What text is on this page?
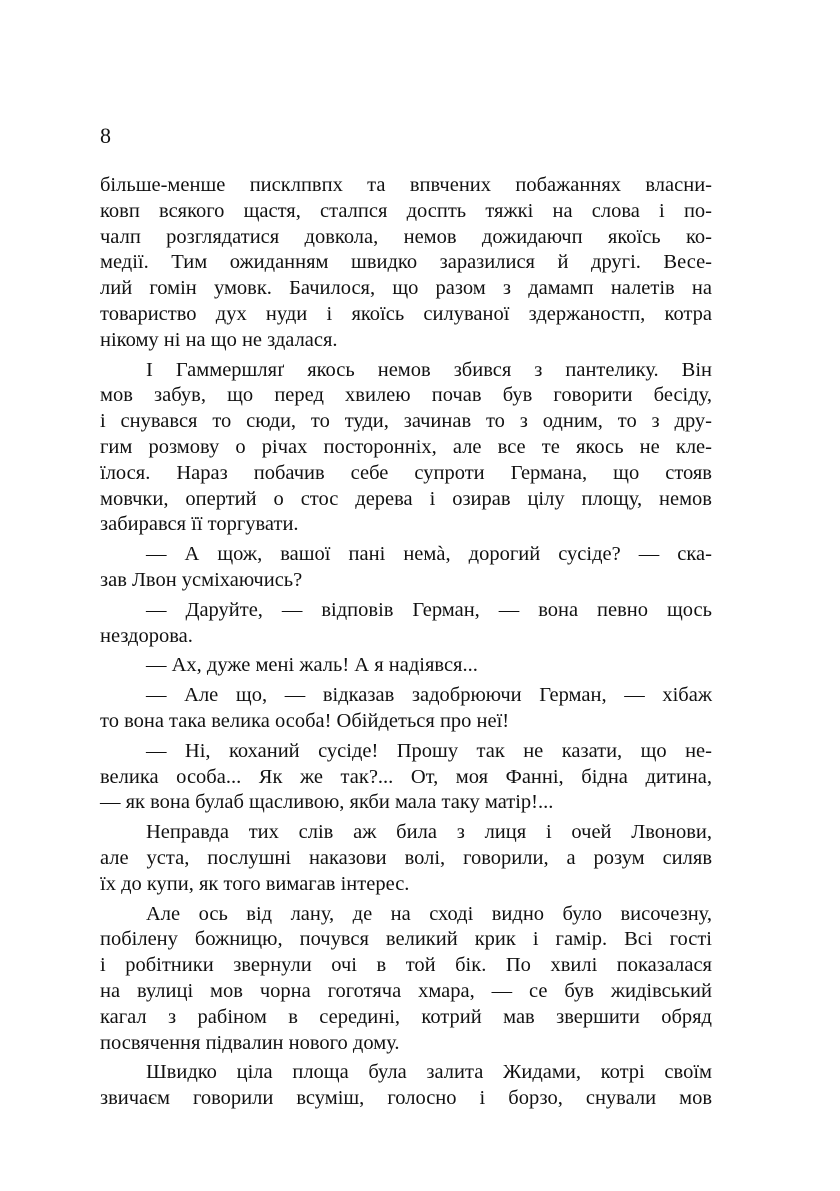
8
більше-менше писклпвпх та впвчених побажаннях власни-
ковп всякого щастя, сталпся доспть тяжкі на слова і по-
чалп розглядатися довкола, немов дожидаючп якоїсь ко-
медії. Тим ожиданням швидко заразилися й другі. Весе-
лий гомін умовк. Бачилося, що разом з дамамп налетів на
товариство дух нуди і якоїсь силуваної здержаностп, котра
нікому ні на що не здалася.
І Гаммершляґ якось немов збився з пантелику. Він
мов забув, що перед хвилею почав був говорити бесіду,
і снувався то сюди, то туди, зачинав то з одним, то з дру-
гим розмову о річах посторонніх, але все те якось не кле-
їлося. Нараз побачив себе супроти Германа, що стояв
мовчки, опертий о стос дерева і озирав цілу площу, немов
забирався її торгувати.
— А щож, вашої пані немà, дорогий сусіде? — ска-
зав Лвон усміхаючись?
— Даруйте, — відповів Герман, — вона певно щось
нездорова.
— Ах, дуже мені жаль! А я надіявся...
— Але що, — відказав задобрюючи Герман, — хібаж
то вона така велика особа! Обійдеться про неї!
— Ні, коханий сусіде! Прошу так не казати, що не-
велика особа... Як же так?... От, моя Фанні, бідна дитина,
— як вона булаб щасливою, якби мала таку матір!...
Неправда тих слів аж била з лиця і очей Лвонови,
але уста, послушні наказови волі, говорили, а розум силяв
їх до купи, як того вимагав інтерес.
Але ось від лану, де на сході видно було височезну,
побілену божницю, почувся великий крик і гамір. Всі гості
і робітники звернули очі в той бік. По хвилі показалася
на вулиці мов чорна гоготяча хмара, — се був жидівський
кагал з рабіном в середині, котрий мав звершити обряд
посвячення підвалин нового дому.
Швидко ціла площа була залита Жидами, котрі своїм
звичаєм говорили всуміш, голосно і борзо, снували мов
